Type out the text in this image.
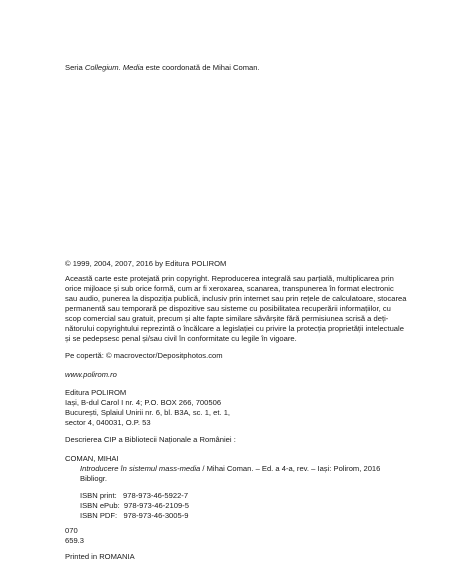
Seria Collegium. Media este coordonată de Mihai Coman.

© 1999, 2004, 2007, 2016 by Editura POLIROM

Această carte este protejată prin copyright. Reproducerea integrală sau parțială, multiplicarea prin
orice mijloace și sub orice formă, cum ar fi xeroxarea, scanarea, transpunerea în format electronic
sau audio, punerea la dispoziția publică, inclusiv prin internet sau prin rețele de calculatoare, stocarea
permanentă sau temporară pe dispozitive sau sisteme cu posibilitatea recuperării informațiilor, cu
scop comercial sau gratuit, precum și alte fapte similare săvârșite fără permisiunea scrisă a deți-
nătorului copyrightului reprezintă o încălcare a legislației cu privire la protecția proprietății intelectuale
și se pedepsesc penal și/sau civil în conformitate cu legile în vigoare.

Pe copertă: © macrovector/Depositphotos.com

www.polirom.ro

Editura POLIROM
Iași, B-dul Carol I nr. 4; P.O. BOX 266, 700506
București, Splaiul Unirii nr. 6, bl. B3A, sc. 1, et. 1,
sector 4, 040031, O.P. 53

Descrierea CIP a Bibliotecii Naționale a României :

COMAN, MIHAI

Introducere în sistemul mass-media / Mihai Coman. – Ed. a 4-a, rev. – Iași: Polirom, 2016

Bibliogr.

ISBN print:   978-973-46-5922-7
ISBN ePub:  978-973-46-2109-5
ISBN PDF:   978-973-46-3005-9
070
659.3

Printed in ROMANIA
